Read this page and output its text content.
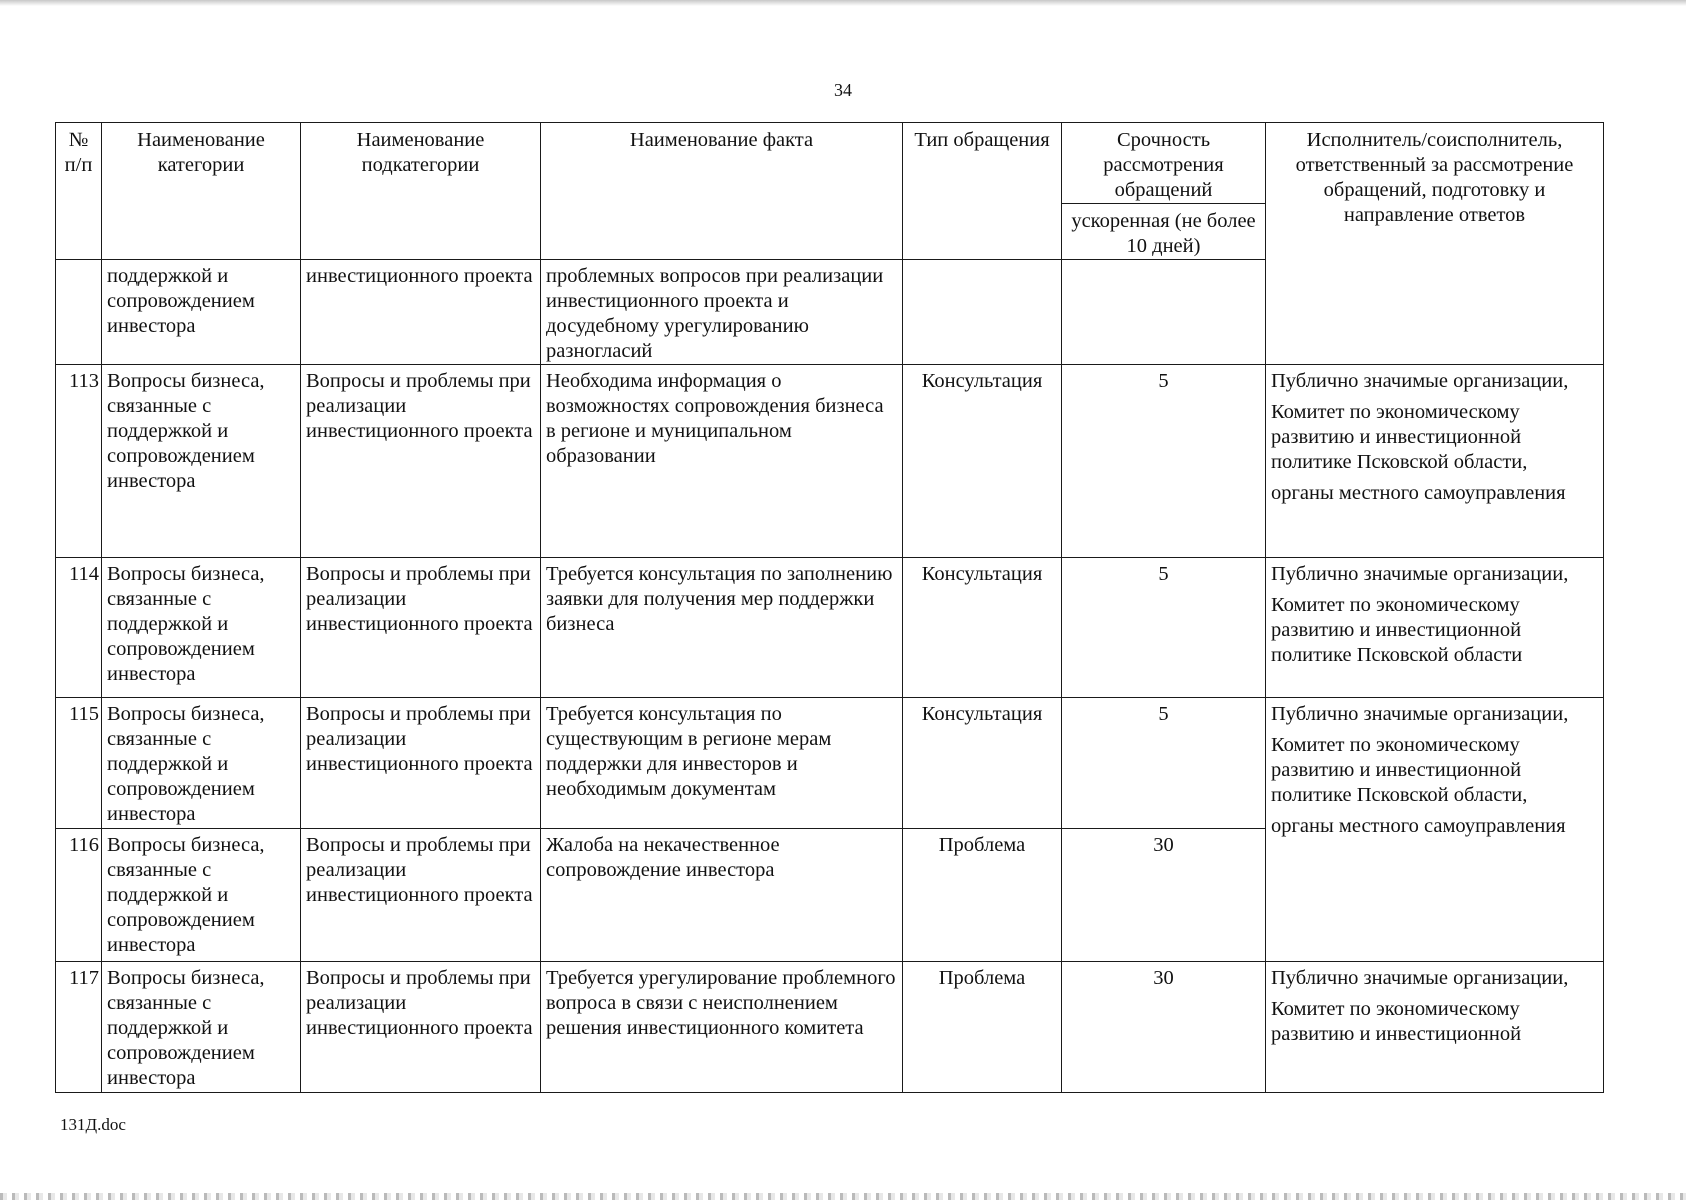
34
№ п/п	Наименование категории	Наименование подкатегории	Наименование факта	Тип обращения	Срочность рассмотрения обращений	Исполнитель/соисполнитель, ответственный за рассмотрение обращений, подготовку и направление ответов
					ускоренная (не более 10 дней)	
	поддержкой и сопровождением инвестора	инвестиционного проекта	проблемных вопросов при реализации инвестиционного проекта и досудебному урегулированию разногласий			
113	Вопросы бизнеса, связанные с поддержкой и сопровождением инвестора	Вопросы и проблемы при реализации инвестиционного проекта	Необходима информация о возможностях сопровождения бизнеса в регионе и муниципальном образовании	Консультация	5	Публично значимые организации,

Комитет по экономическому развитию и инвестиционной политике Псковской области,

органы местного самоуправления

114	Вопросы бизнеса, связанные с поддержкой и сопровождением инвестора	Вопросы и проблемы при реализации инвестиционного проекта	Требуется консультация по заполнению заявки для получения мер поддержки бизнеса	Консультация	5	Публично значимые организации,

Комитет по экономическому развитию и инвестиционной политике Псковской области

115	Вопросы бизнеса, связанные с поддержкой и сопровождением инвестора	Вопросы и проблемы при реализации инвестиционного проекта	Требуется консультация по существующим в регионе мерам поддержки для инвесторов и необходимым документам	Консультация	5	Публично значимые организации,

Комитет по экономическому развитию и инвестиционной политике Псковской области,

органы местного самоуправления

116	Вопросы бизнеса, связанные с поддержкой и сопровождением инвестора	Вопросы и проблемы при реализации инвестиционного проекта	Жалоба на некачественное сопровождение инвестора	Проблема	30	
117	Вопросы бизнеса, связанные с поддержкой и сопровождением инвестора	Вопросы и проблемы при реализации инвестиционного проекта	Требуется урегулирование проблемного вопроса в связи с неисполнением решения инвестиционного комитета	Проблема	30	Публично значимые организации,

Комитет по экономическому развитию и инвестиционной

131Д.doc
